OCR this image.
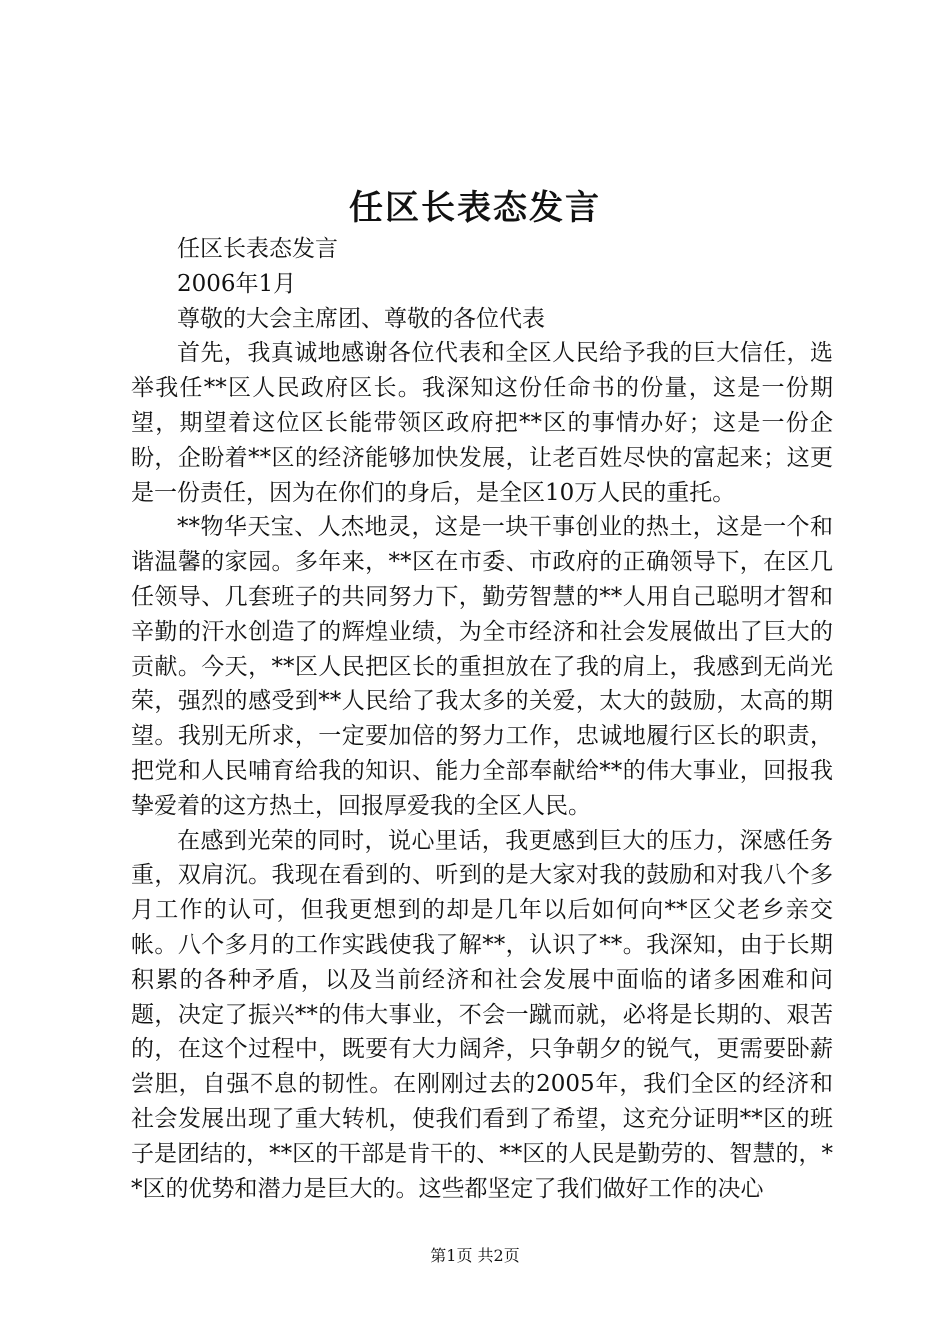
任区长表态发言

任区长表态发言

2006年1月

尊敬的大会主席团、尊敬的各位代表

首先，我真诚地感谢各位代表和全区人民给予我的巨大信任，选举我任**区人民政府区长。我深知这份任命书的份量，这是一份期望，期望着这位区长能带领区政府把**区的事情办好；这是一份企盼，企盼着**区的经济能够加快发展，让老百姓尽快的富起来；这更是一份责任，因为在你们的身后，是全区10万人民的重托。

**物华天宝、人杰地灵，这是一块干事创业的热土，这是一个和谐温馨的家园。多年来，**区在市委、市政府的正确领导下，在区几任领导、几套班子的共同努力下，勤劳智慧的**人用自己聪明才智和辛勤的汗水创造了的辉煌业绩，为全市经济和社会发展做出了巨大的贡献。今天，**区人民把区长的重担放在了我的肩上，我感到无尚光荣，强烈的感受到**人民给了我太多的关爱，太大的鼓励，太高的期望。我别无所求，一定要加倍的努力工作，忠诚地履行区长的职责，把党和人民哺育给我的知识、能力全部奉献给**的伟大事业，回报我挚爱着的这方热土，回报厚爱我的全区人民。

在感到光荣的同时，说心里话，我更感到巨大的压力，深感任务重，双肩沉。我现在看到的、听到的是大家对我的鼓励和对我八个多月工作的认可，但我更想到的却是几年以后如何向**区父老乡亲交帐。八个多月的工作实践使我了解**，认识了**。我深知，由于长期积累的各种矛盾，以及当前经济和社会发展中面临的诸多困难和问题，决定了振兴**的伟大事业，不会一蹴而就，必将是长期的、艰苦的，在这个过程中，既要有大力阔斧，只争朝夕的锐气，更需要卧薪尝胆，自强不息的韧性。在刚刚过去的2005年，我们全区的经济和社会发展出现了重大转机，使我们看到了希望，这充分证明**区的班子是团结的，**区的干部是肯干的、**区的人民是勤劳的、智慧的，**区的优势和潜力是巨大的。这些都坚定了我们做好工作的决心

第1页 共2页
